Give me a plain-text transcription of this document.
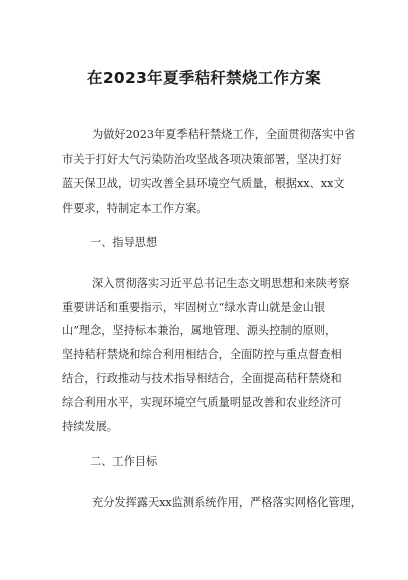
在2023年夏季秸秆禁烧工作方案
为做好2023年夏季秸秆禁烧工作，全面贯彻落实中省
市关于打好大气污染防治攻坚战各项决策部署，坚决打好
蓝天保卫战，切实改善全县环境空气质量，根据xx、xx文
件要求，特制定本工作方案。
一、指导思想
深入贯彻落实习近平总书记生态文明思想和来陕考察
重要讲话和重要指示，牢固树立“绿水青山就是金山银
山”理念，坚持标本兼治，属地管理、源头控制的原则，
坚持秸秆禁烧和综合利用相结合，全面防控与重点督查相
结合，行政推动与技术指导相结合，全面提高秸秆禁烧和
综合利用水平，实现环境空气质量明显改善和农业经济可
持续发展。
二、工作目标
充分发挥露天xx监测系统作用，严格落实网格化管理，
